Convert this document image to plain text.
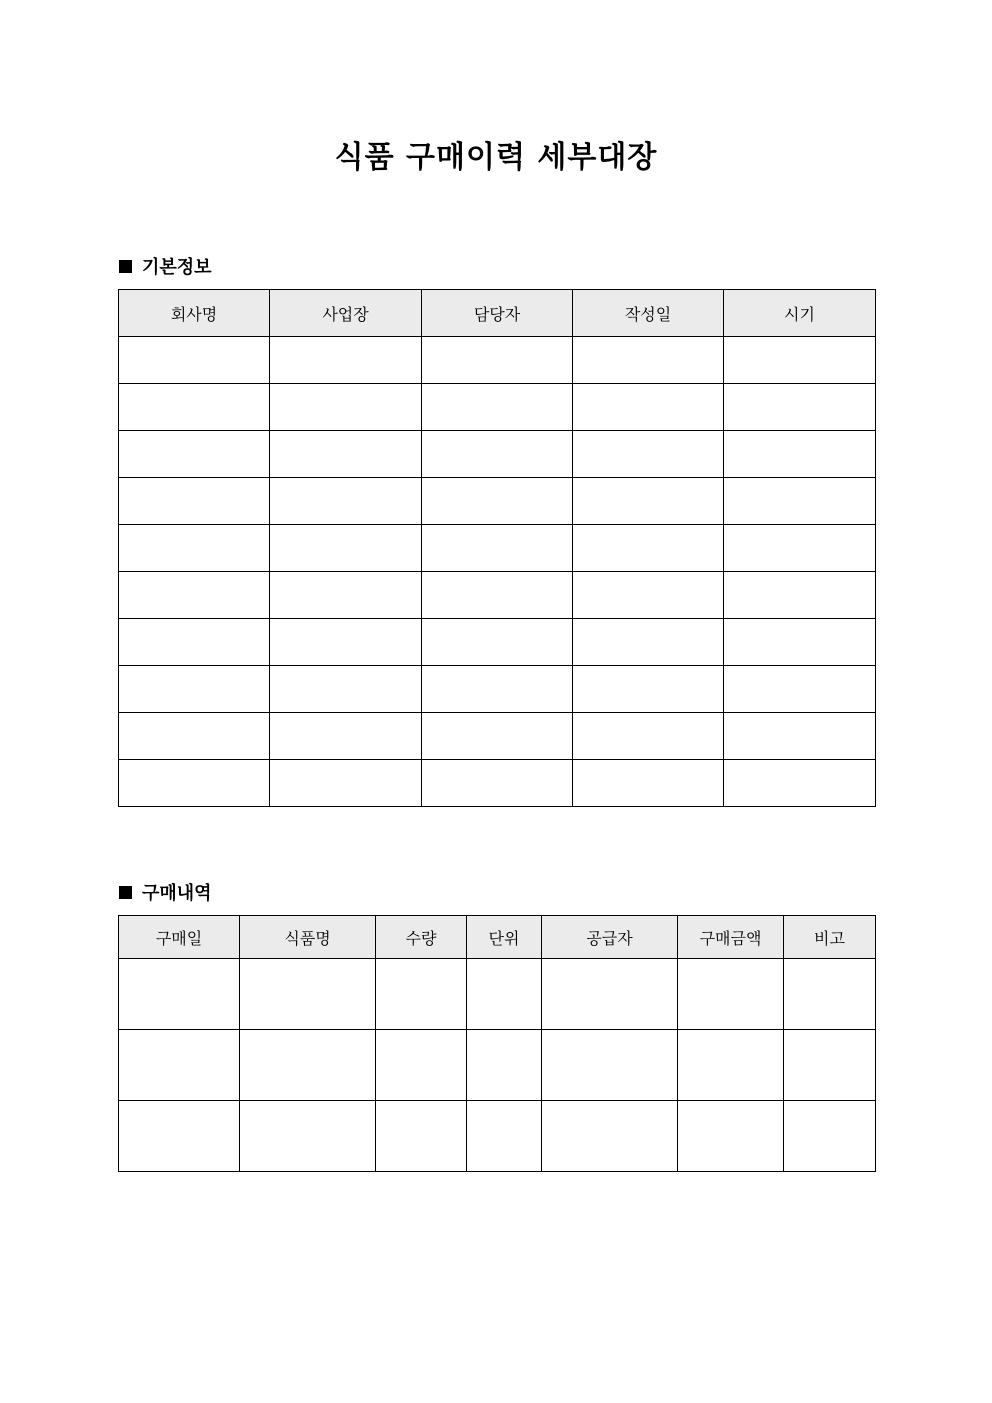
식품 구매이력 세부대장
기본정보
회사명	사업장	담당자	작성일	시기

구매내역
구매일	식품명	수량	단위	공급자	구매금액	비고
